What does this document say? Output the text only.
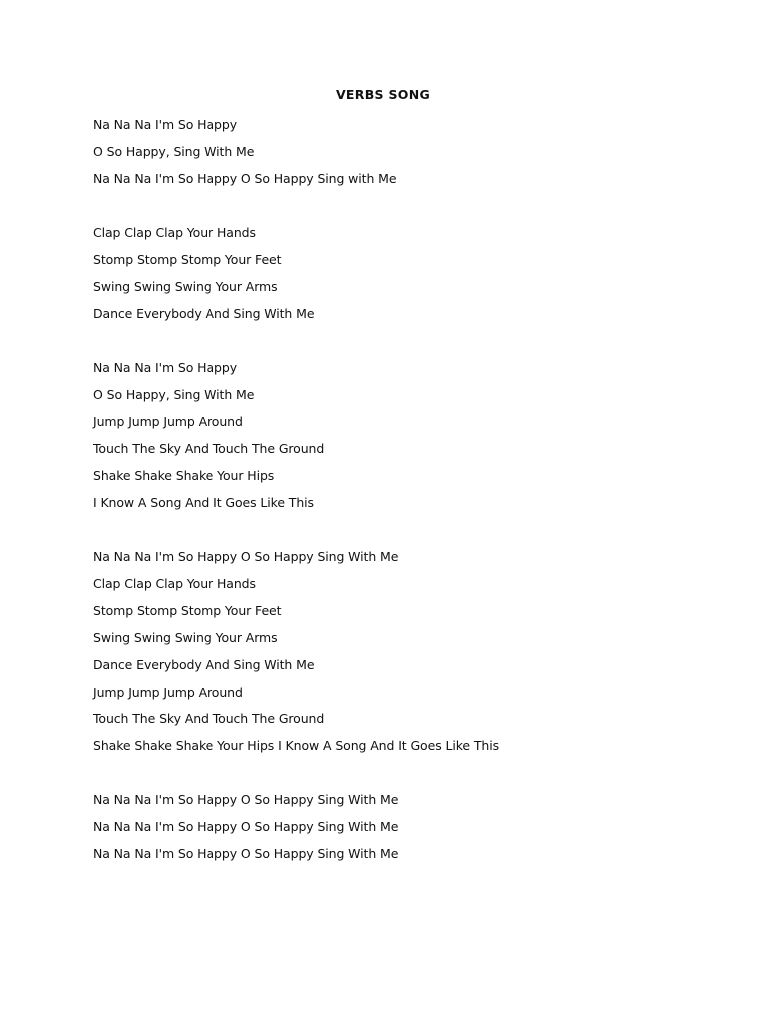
VERBS SONG
Na Na Na I'm So Happy
O So Happy, Sing With Me
Na Na Na I'm So Happy O So Happy Sing with Me
Clap Clap Clap Your Hands
Stomp Stomp Stomp Your Feet
Swing Swing Swing Your Arms
Dance Everybody And Sing With Me
Na Na Na I'm So Happy
O So Happy, Sing With Me
Jump Jump Jump Around
Touch The Sky And Touch The Ground
Shake Shake Shake Your Hips
I Know A Song And It Goes Like This
Na Na Na I'm So Happy O So Happy Sing With Me
Clap Clap Clap Your Hands
Stomp Stomp Stomp Your Feet
Swing Swing Swing Your Arms
Dance Everybody And Sing With Me
Jump Jump Jump Around
Touch The Sky And Touch The Ground
Shake Shake Shake Your Hips I Know A Song And It Goes Like This
Na Na Na I'm So Happy O So Happy Sing With Me
Na Na Na I'm So Happy O So Happy Sing With Me
Na Na Na I'm So Happy O So Happy Sing With Me
